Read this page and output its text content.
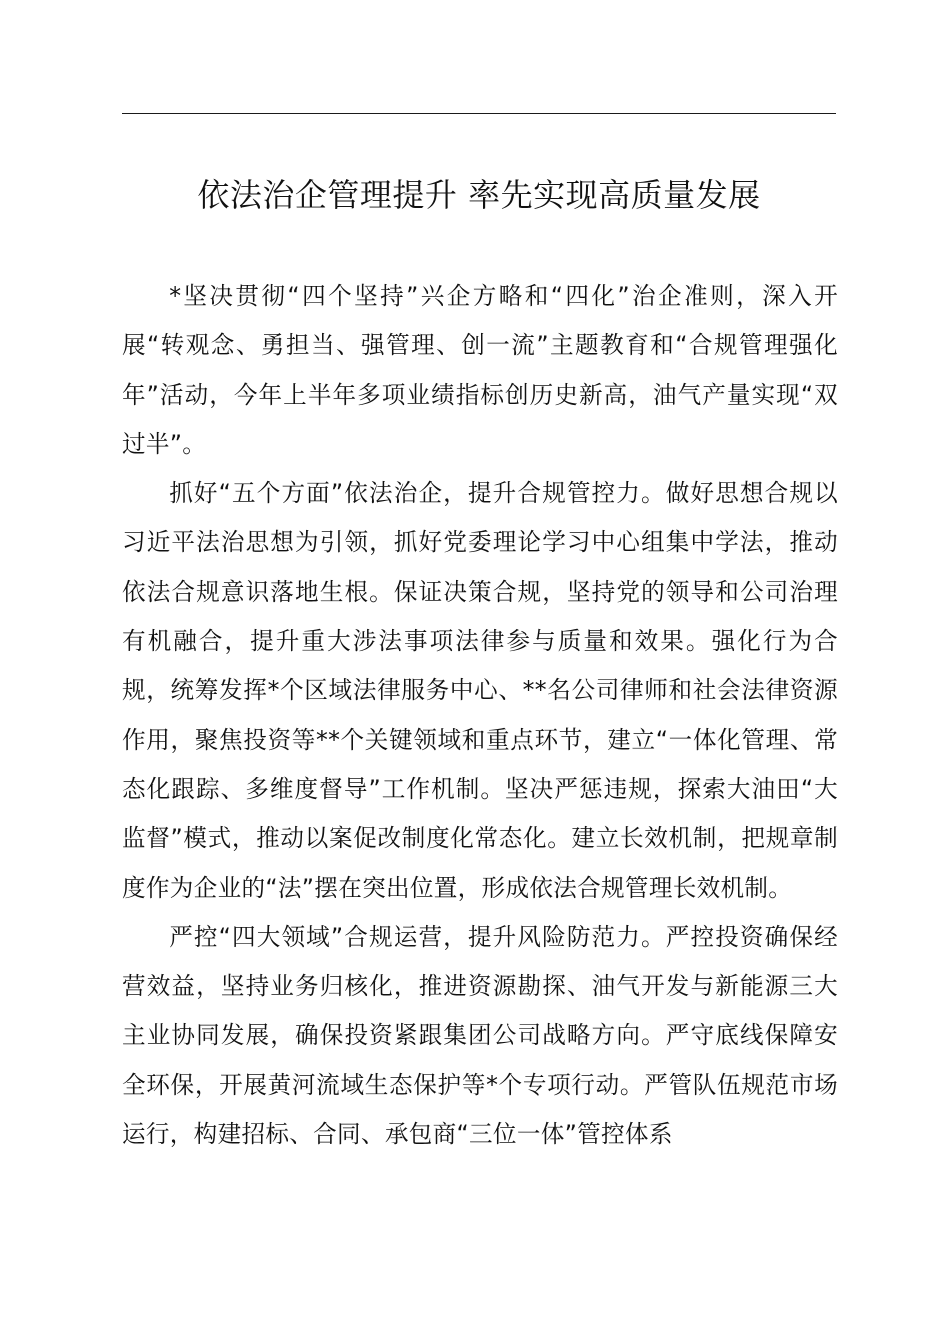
依法治企管理提升 率先实现高质量发展

*坚决贯彻“四个坚持”兴企方略和“四化”治企准则，深入开展“转观念、勇担当、强管理、创一流”主题教育和“合规管理强化年”活动，今年上半年多项业绩指标创历史新高，油气产量实现“双过半”。

抓好“五个方面”依法治企，提升合规管控力。做好思想合规以习近平法治思想为引领，抓好党委理论学习中心组集中学法，推动依法合规意识落地生根。保证决策合规，坚持党的领导和公司治理有机融合，提升重大涉法事项法律参与质量和效果。强化行为合规，统筹发挥*个区域法律服务中心、**名公司律师和社会法律资源作用，聚焦投资等**个关键领域和重点环节，建立“一体化管理、常态化跟踪、多维度督导”工作机制。坚决严惩违规，探索大油田“大监督”模式，推动以案促改制度化常态化。建立长效机制，把规章制度作为企业的“法”摆在突出位置，形成依法合规管理长效机制。

严控“四大领域”合规运营，提升风险防范力。严控投资确保经营效益，坚持业务归核化，推进资源勘探、油气开发与新能源三大主业协同发展，确保投资紧跟集团公司战略方向。严守底线保障安全环保，开展黄河流域生态保护等*个专项行动。严管队伍规范市场运行，构建招标、合同、承包商“三位一体”管控体系
